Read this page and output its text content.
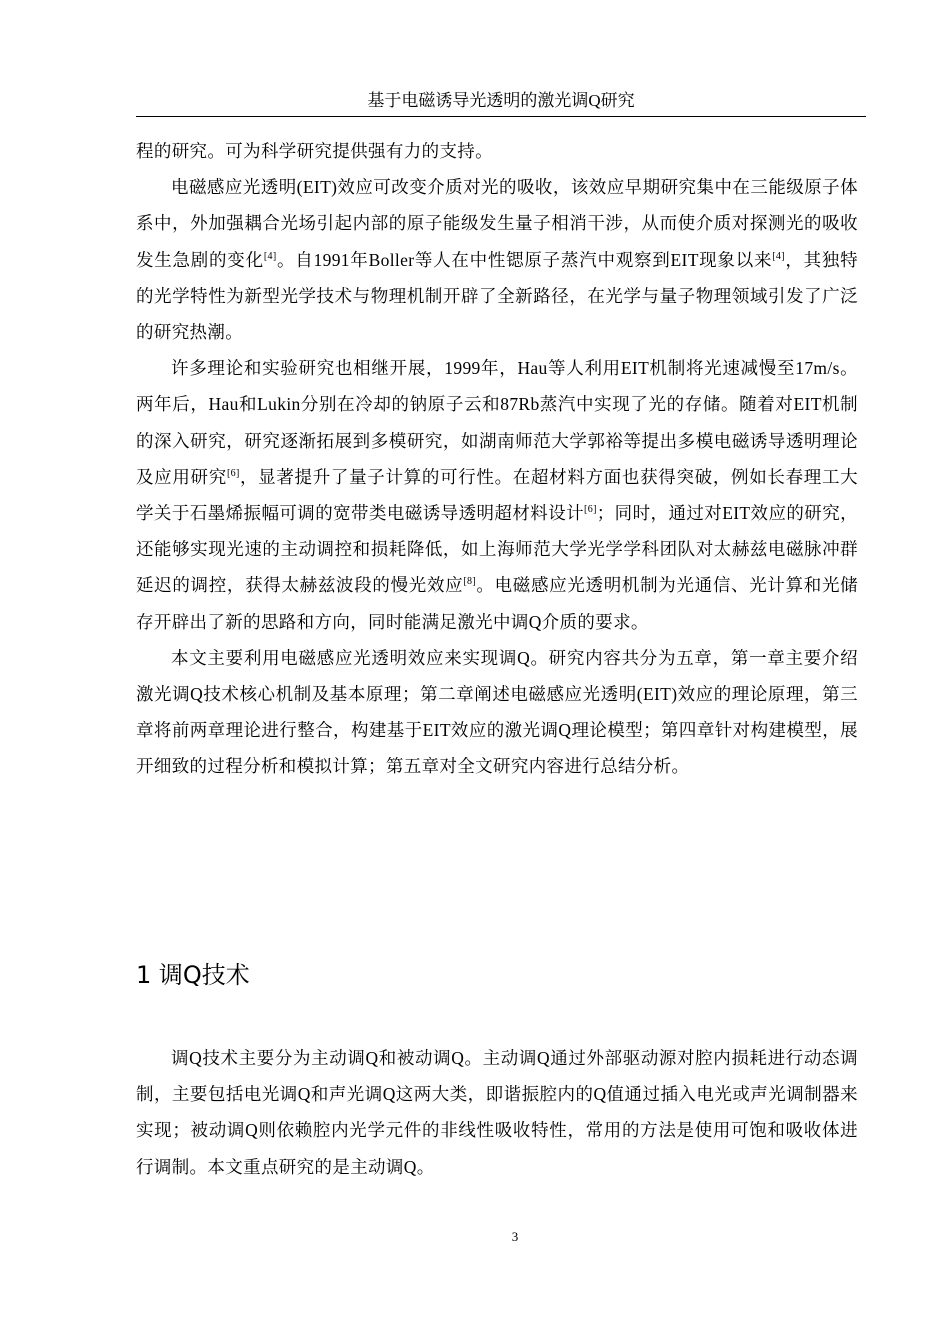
基于电磁诱导光透明的激光调Q研究

程的研究。可为科学研究提供强有力的支持。

电磁感应光透明(EIT)效应可改变介质对光的吸收，该效应早期研究集中在三能级原子体系中，外加强耦合光场引起内部的原子能级发生量子相消干涉，从而使介质对探测光的吸收发生急剧的变化[4]。自1991年Boller等人在中性锶原子蒸汽中观察到EIT现象以来[4]，其独特的光学特性为新型光学技术与物理机制开辟了全新路径，在光学与量子物理领域引发了广泛的研究热潮。

许多理论和实验研究也相继开展，1999年，Hau等人利用EIT机制将光速减慢至17m/s。两年后，Hau和Lukin分别在冷却的钠原子云和87Rb蒸汽中实现了光的存储。随着对EIT机制的深入研究，研究逐渐拓展到多模研究，如湖南师范大学郭裕等提出多模电磁诱导透明理论及应用研究[6]，显著提升了量子计算的可行性。在超材料方面也获得突破，例如长春理工大学关于石墨烯振幅可调的宽带类电磁诱导透明超材料设计[6]；同时，通过对EIT效应的研究，还能够实现光速的主动调控和损耗降低，如上海师范大学光学学科团队对太赫兹电磁脉冲群延迟的调控，获得太赫兹波段的慢光效应[8]。电磁感应光透明机制为光通信、光计算和光储存开辟出了新的思路和方向，同时能满足激光中调Q介质的要求。

本文主要利用电磁感应光透明效应来实现调Q。研究内容共分为五章，第一章主要介绍激光调Q技术核心机制及基本原理；第二章阐述电磁感应光透明(EIT)效应的理论原理，第三章将前两章理论进行整合，构建基于EIT效应的激光调Q理论模型；第四章针对构建模型，展开细致的过程分析和模拟计算；第五章对全文研究内容进行总结分析。

1 调Q技术

调Q技术主要分为主动调Q和被动调Q。主动调Q通过外部驱动源对腔内损耗进行动态调制，主要包括电光调Q和声光调Q这两大类，即谐振腔内的Q值通过插入电光或声光调制器来实现；被动调Q则依赖腔内光学元件的非线性吸收特性，常用的方法是使用可饱和吸收体进行调制。本文重点研究的是主动调Q。

3
